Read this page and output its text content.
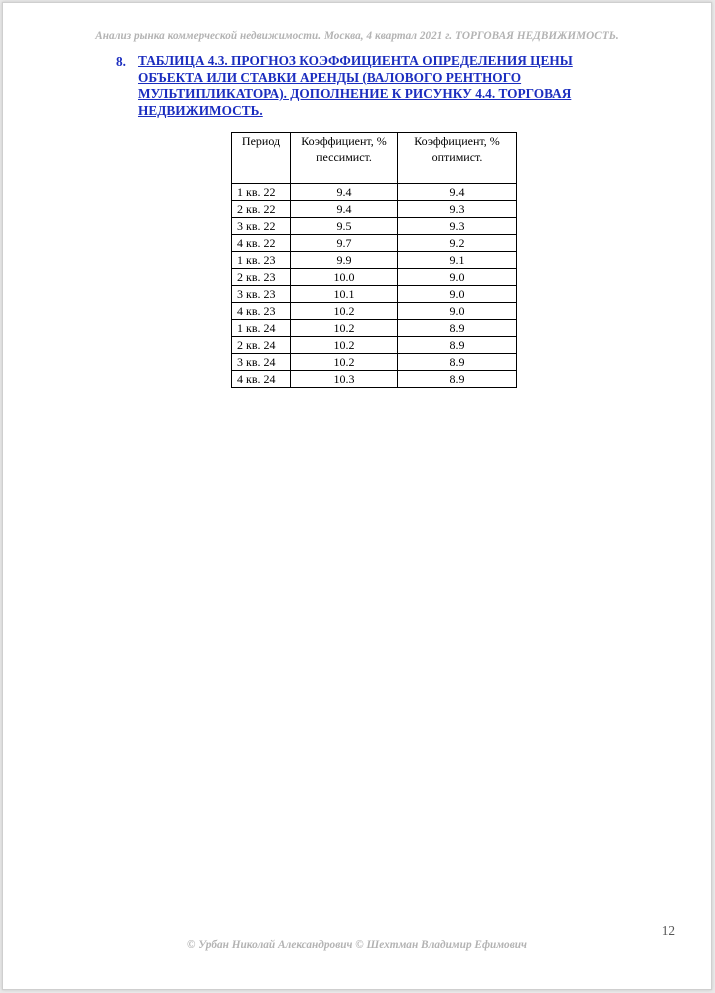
Анализ рынка коммерческой недвижимости. Москва, 4 квартал 2021 г. ТОРГОВАЯ НЕДВИЖИМОСТЬ.
8. ТАБЛИЦА 4.3. ПРОГНОЗ КОЭФФИЦИЕНТА ОПРЕДЕЛЕНИЯ ЦЕНЫ ОБЪЕКТА ИЛИ СТАВКИ АРЕНДЫ (ВАЛОВОГО РЕНТНОГО МУЛЬТИПЛИКАТОРА). ДОПОЛНЕНИЕ К РИСУНКУ 4.4. ТОРГОВАЯ НЕДВИЖИМОСТЬ.
Период	Коэффициент, % пессимист.	Коэффициент, % оптимист.
1 кв. 22	9.4	9.4
2 кв. 22	9.4	9.3
3 кв. 22	9.5	9.3
4 кв. 22	9.7	9.2
1 кв. 23	9.9	9.1
2 кв. 23	10.0	9.0
3 кв. 23	10.1	9.0
4 кв. 23	10.2	9.0
1 кв. 24	10.2	8.9
2 кв. 24	10.2	8.9
3 кв. 24	10.2	8.9
4 кв. 24	10.3	8.9
12
© Урбан Николай Александрович © Шехтман Владимир Ефимович
